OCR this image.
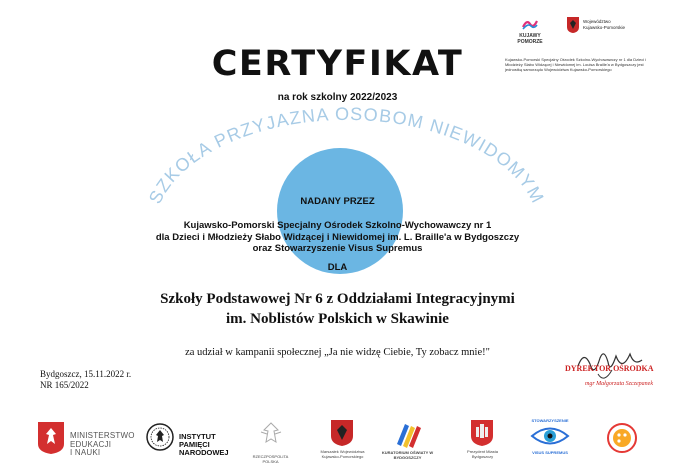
SZKOŁA PRZYJAZNA OSOBOM NIEWIDOMYM
KUJAWY
POMORZE
Województwo
Kujawsko-Pomorskie
Kujawsko-Pomorski Specjalny Ośrodek Szkolno-Wychowawczy nr 1 dla Dzieci i Młodzieży Słabo Widzącej i Niewidomej im. Louisa Braille'a w Bydgoszczy jest jednostką samorządu Województwa Kujawsko-Pomorskiego
CERTYFIKAT
na rok szkolny 2022/2023
NADANY PRZEZ
Kujawsko-Pomorski Specjalny Ośrodek Szkolno-Wychowawczy nr 1
dla Dzieci i Młodzieży Słabo Widzącej i Niewidomej im. L. Braille'a w Bydgoszczy
oraz Stowarzyszenie Visus Supremus
DLA
Szkoły Podstawowej Nr 6 z Oddziałami Integracyjnymi
im. Noblistów Polskich w Skawinie
za udział w kampanii społecznej „Ja nie widzę Ciebie, Ty zobacz mnie!"
Bydgoszcz, 15.11.2022 r.
NR 165/2022
DYREKTOR OŚRODKA
mgr Małgorzata Szczepanek
MINISTERSTWO
EDUKACJI
I NAUKI
INSTYTUT
PAMIĘCI
NARODOWEJ	RZECZPOSPOLITA POLSKA
Marszałek Województwa Kujawsko-Pomorskiego
KURATORIUM OŚWIATY W BYDGOSZCZY
Prezydent Miasta Bydgoszczy
STOWARZYSZENIE
VISUS SUPREMUS
